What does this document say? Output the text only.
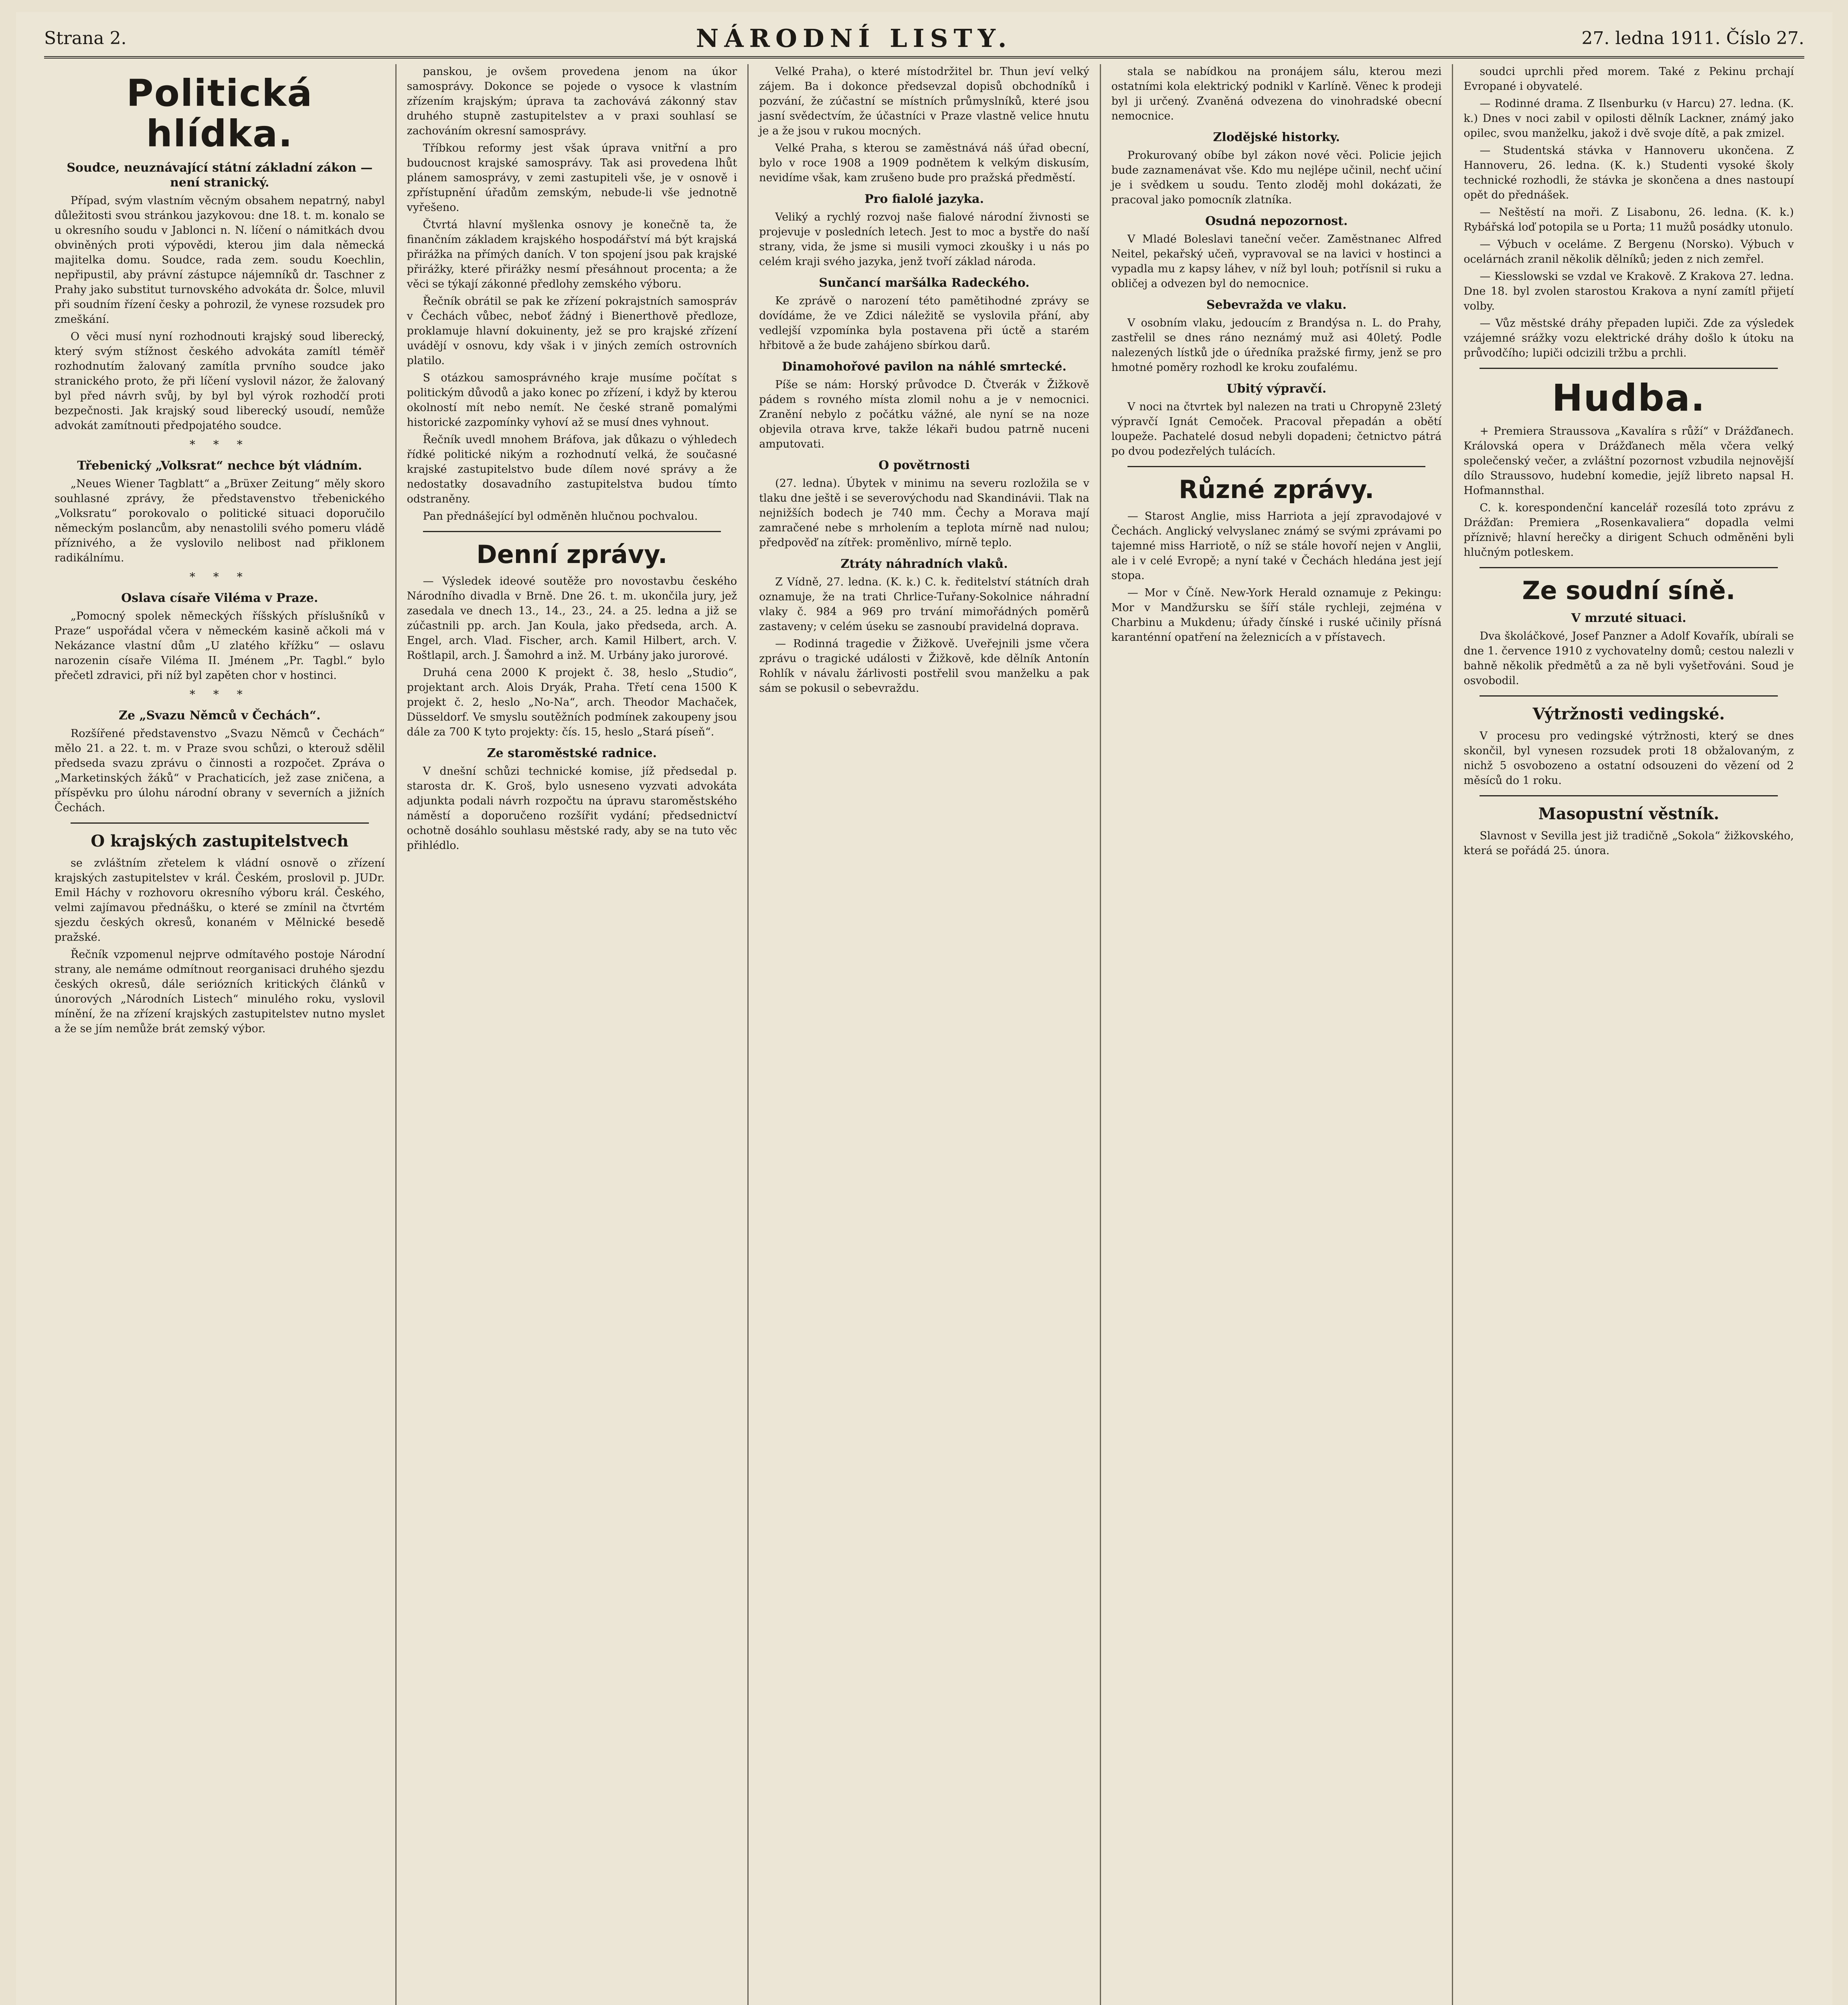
Strana 2.	NÁRODNÍ LISTY.	27. ledna 1911. Číslo 27.
Politická hlídka.
Soudce, neuznávající státní základní zákon — není stranický.

Případ, svým vlastním věcným obsahem nepatrný, nabyl důležitosti svou stránkou jazykovou: dne 18. t. m. konalo se u okresního soudu v Jablonci n. N. líčení o námitkách dvou obviněných proti výpovědi, kterou jim dala německá majitelka domu. Soudce, rada zem. soudu Koechlin, nepřipustil, aby právní zástupce nájemníků dr. Taschner z Prahy jako substitut turnovského advokáta dr. Šolce, mluvil při soudním řízení česky a pohrozil, že vynese rozsudek pro zmeškání.

O věci musí nyní rozhodnouti krajský soud liberecký, který svým stížnost českého advokáta zamítl téměř rozhodnutím žalovaný zamítla prvního soudce jako stranického proto, že při líčení vyslovil názor, že žalovaný byl před návrh svůj, by byl byl výrok rozhodčí proti bezpečnosti. Jak krajský soud liberecký usoudí, nemůže advokát zamítnouti předpojatého soudce.

* * *
Třebenický „Volksrat“ nechce být vládním.

„Neues Wiener Tagblatt“ a „Brüxer Zeitung“ měly skoro souhlasné zprávy, že představenstvo třebenického „Volksratu“ porokovalo o politické situaci doporučilo německým poslancům, aby nenastolili svého pomeru vládě příznivého, a že vyslovilo nelibost nad přiklonem radikálnímu.

* * *
Oslava císaře Viléma v Praze.

„Pomocný spolek německých říšských příslušníků v Praze“ uspořádal včera v německém kasině ačkoli má v Nekázance vlastní dům „U zlatého křížku“ — oslavu narozenin císaře Viléma II. Jménem „Pr. Tagbl.“ bylo přečetl zdravici, při níž byl zapěten chor v hostinci.

* * *
Ze „Svazu Němců v Čechách“.

Rozšířené představenstvo „Svazu Němců v Čechách“ mělo 21. a 22. t. m. v Praze svou schůzi, o kterouž sdělil předseda svazu zprávu o činnosti a rozpočet. Zpráva o „Marketinských žáků“ v Prachaticích, jež zase zničena, a příspěvku pro úlohu národní obrany v severních a jižních Čechách.

O krajských zastupitelstvech

se zvláštním zřetelem k vládní osnově o zřízení krajských zastupitelstev v král. Českém, proslovil p. JUDr. Emil Háchy v rozhovoru okresního výboru král. Českého, velmi zajímavou přednášku, o které se zmínil na čtvrtém sjezdu českých okresů, konaném v Mělnické besedě pražské.

Řečník vzpomenul nejprve odmítavého postoje Národní strany, ale nemáme odmítnout reorganisaci druhého sjezdu českých okresů, dále seriózních kritických článků v únorových „Národních Listech“ minulého roku, vyslovil mínění, že na zřízení krajských zastupitelstev nutno myslet a že se jím nemůže brát zemský výbor.

panskou, je ovšem provedena jenom na úkor samosprávy. Dokonce se pojede o vysoce k vlastním zřízením krajským; úprava ta zachovává zákonný stav druhého stupně zastupitelstev a v praxi souhlasí se zachováním okresní samosprávy.

Tříbkou reformy jest však úprava vnitřní a pro budoucnost krajské samosprávy. Tak asi provedena lhůt plánem samosprávy, v zemi zastupiteli vše, je v osnově i zpřístupnění úřadům zemským, nebude-li vše jednotně vyřešeno.

Čtvrtá hlavní myšlenka osnovy je konečně ta, že finančním základem krajského hospodářství má být krajská přirážka na přímých daních. V ton spojení jsou pak krajské přirážky, které přirážky nesmí přesáhnout procenta; a že věci se týkají zákonné předlohy zemského výboru.

Řečník obrátil se pak ke zřízení pokrajstních samospráv v Čechách vůbec, neboť žádný i Bienerthově předloze, proklamuje hlavní dokuinenty, jež se pro krajské zřízení uvádějí v osnovu, kdy však i v jiných zemích ostrovních platilo.

S otázkou samosprávného kraje musíme počítat s politickým důvodů a jako konec po zřízení, i když by kterou okolností mít nebo nemít. Ne české straně pomalými historické zazpomínky vyhoví až se musí dnes vyhnout.

Řečník uvedl mnohem Bráfova, jak důkazu o výhledech řídké politické nikým a rozhodnutí velká, že současné krajské zastupitelstvo bude dílem nové správy a že nedostatky dosavadního zastupitelstva budou tímto odstraněny.

Pan přednášející byl odměněn hlučnou pochvalou.

Denní zprávy.

— Výsledek ideové soutěže pro novostavbu českého Národního divadla v Brně. Dne 26. t. m. ukončila jury, jež zasedala ve dnech 13., 14., 23., 24. a 25. ledna a již se zúčastnili pp. arch. Jan Koula, jako předseda, arch. A. Engel, arch. Vlad. Fischer, arch. Kamil Hilbert, arch. V. Roštlapil, arch. J. Šamohrd a inž. M. Urbány jako jurorové.

Druhá cena 2000 K projekt č. 38, heslo „Studio“, projektant arch. Alois Dryák, Praha. Třetí cena 1500 K projekt č. 2, heslo „No-Na“, arch. Theodor Machaček, Düsseldorf. Ve smyslu soutěžních podmínek zakoupeny jsou dále za 700 K tyto projekty: čís. 15, heslo „Stará píseň“.

Ze staroměstské radnice.

V dnešní schůzi technické komise, jíž předsedal p. starosta dr. K. Groš, bylo usneseno vyzvati advokáta adjunkta podali návrh rozpočtu na úpravu staroměstského náměstí a doporučeno rozšířit vydání; předsednictví ochotně dosáhlo souhlasu městské rady, aby se na tuto věc přihlédlo.

Velké Praha), o které místodržitel br. Thun jeví velký zájem. Ba i dokonce předsevzal dopisů obchodníků i pozvání, že zúčastní se místních průmyslníků, které jsou jasní svědectvím, že účastníci v Praze vlastně velice hnutu je a že jsou v rukou mocných.

Velké Praha, s kterou se zaměstnává náš úřad obecní, bylo v roce 1908 a 1909 podnětem k velkým diskusím, nevidíme však, kam zrušeno bude pro pražská předměstí.

Pro fialolé jazyka.

Veliký a rychlý rozvoj naše fialové národní živnosti se projevuje v posledních letech. Jest to moc a bystře do naší strany, vida, že jsme si musili vymoci zkoušky i u nás po celém kraji svého jazyka, jenž tvoří základ národa.

Sunčancí maršálka Radeckého.

Ke zprávě o narození této pamětihodné zprávy se dovídáme, že ve Zdici náležitě se vyslovila přání, aby vedlejší vzpomínka byla postavena při úctě a starém hřbitově a že bude zahájeno sbírkou darů.

Dinamohořové pavilon na náhlé smrtecké.

Píše se nám: Horský průvodce D. Čtverák v Žižkově pádem s rovného místa zlomil nohu a je v nemocnici. Zranění nebylo z počátku vážné, ale nyní se na noze objevila otrava krve, takže lékaři budou patrně nuceni amputovati.

O povětrnosti

(27. ledna). Úbytek v minimu na severu rozložila se v tlaku dne ještě i se severovýchodu nad Skandinávii. Tlak na nejnižších bodech je 740 mm. Čechy a Morava mají zamračené nebe s mrholením a teplota mírně nad nulou; předpověď na zítřek: proměnlivo, mírně teplo.

Ztráty náhradních vlaků.

Z Vídně, 27. ledna. (K. k.) C. k. ředitelství státních drah oznamuje, že na trati Chrlice-Tuřany-Sokolnice náhradní vlaky č. 984 a 969 pro trvání mimořádných poměrů zastaveny; v celém úseku se zasnoubí pravidelná doprava.

— Rodinná tragedie v Žižkově. Uveřejnili jsme včera zprávu o tragické události v Žižkově, kde dělník Antonín Rohlík v návalu žárlivosti postřelil svou manželku a pak sám se pokusil o sebevraždu.

stala se nabídkou na pronájem sálu, kterou mezi ostatními kola elektrický podnikl v Karlíně. Věnec k prodeji byl ji určený. Zvaněná odvezena do vinohradské obecní nemocnice.

Zlodějské historky.

Prokurovaný obíbe byl zákon nové věci. Policie jejich bude zaznamenávat vše. Kdo mu nejlépe učinil, nechť učiní je i svědkem u soudu. Tento zloděj mohl dokázati, že pracoval jako pomocník zlatníka.

Osudná nepozornost.

V Mladé Boleslavi taneční večer. Zaměstnanec Alfred Neitel, pekařský učeň, vypravoval se na lavici v hostinci a vypadla mu z kapsy láhev, v níž byl louh; potřísnil si ruku a obličej a odvezen byl do nemocnice.

Sebevražda ve vlaku.

V osobním vlaku, jedoucím z Brandýsa n. L. do Prahy, zastřelil se dnes ráno neznámý muž asi 40letý. Podle nalezených lístků jde o úředníka pražské firmy, jenž se pro hmotné poměry rozhodl ke kroku zoufalému.

Ubitý výpravčí.

V noci na čtvrtek byl nalezen na trati u Chropyně 23letý výpravčí Ignát Cemoček. Pracoval přepadán a obětí loupeže. Pachatelé dosud nebyli dopadeni; četnictvo pátrá po dvou podezřelých tulácích.

Různé zprávy.

— Starost Anglie, miss Harriota a její zpravodajové v Čechách. Anglický velvyslanec známý se svými zprávami po tajemné miss Harriotě, o níž se stále hovoří nejen v Anglii, ale i v celé Evropě; a nyní také v Čechách hledána jest její stopa.

— Mor v Číně. New-York Herald oznamuje z Pekingu: Mor v Mandžursku se šíří stále rychleji, zejména v Charbinu a Mukdenu; úřady čínské i ruské učinily přísná karanténní opatření na železnicích a v přístavech.

soudci uprchli před morem. Také z Pekinu prchají Evropané i obyvatelé.

— Rodinné drama. Z Ilsenburku (v Harcu) 27. ledna. (K. k.) Dnes v noci zabil v opilosti dělník Lackner, známý jako opilec, svou manželku, jakož i dvě svoje dítě, a pak zmizel.

— Studentská stávka v Hannoveru ukončena. Z Hannoveru, 26. ledna. (K. k.) Studenti vysoké školy technické rozhodli, že stávka je skončena a dnes nastoupí opět do přednášek.

— Neštěstí na moři. Z Lisabonu, 26. ledna. (K. k.) Rybářská loď potopila se u Porta; 11 mužů posádky utonulo.

— Výbuch v oceláme. Z Bergenu (Norsko). Výbuch v ocelárnách zranil několik dělníků; jeden z nich zemřel.

— Kiesslowski se vzdal ve Krakově. Z Krakova 27. ledna. Dne 18. byl zvolen starostou Krakova a nyní zamítl přijetí volby.

— Vůz městské dráhy přepaden lupiči. Zde za výsledek vzájemné srážky vozu elektrické dráhy došlo k útoku na průvodčího; lupiči odcizili tržbu a prchli.

Hudba.

+ Premiera Straussova „Kavalíra s růží“ v Drážďanech. Královská opera v Drážďanech měla včera velký společenský večer, a zvláštní pozornost vzbudila nejnovější dílo Straussovo, hudební komedie, jejíž libreto napsal H. Hofmannsthal.

C. k. korespondenční kancelář rozesílá toto zprávu z Drážďan: Premiera „Rosenkavaliera“ dopadla velmi příznivě; hlavní herečky a dirigent Schuch odměněni byli hlučným potleskem.

Ze soudní síně.
V mrzuté situaci.

Dva školáčkové, Josef Panzner a Adolf Kovařík, ubírali se dne 1. července 1910 z vychovatelny domů; cestou nalezli v bahně několik předmětů a za ně byli vyšetřováni. Soud je osvobodil.

Výtržnosti vedingské.

V procesu pro vedingské výtržnosti, který se dnes skončil, byl vynesen rozsudek proti 18 obžalovaným, z nichž 5 osvobozeno a ostatní odsouzeni do vězení od 2 měsíců do 1 roku.

Masopustní věstník.

Slavnost v Sevilla jest již tradičně „Sokola“ žižkovského, která se pořádá 25. února.
